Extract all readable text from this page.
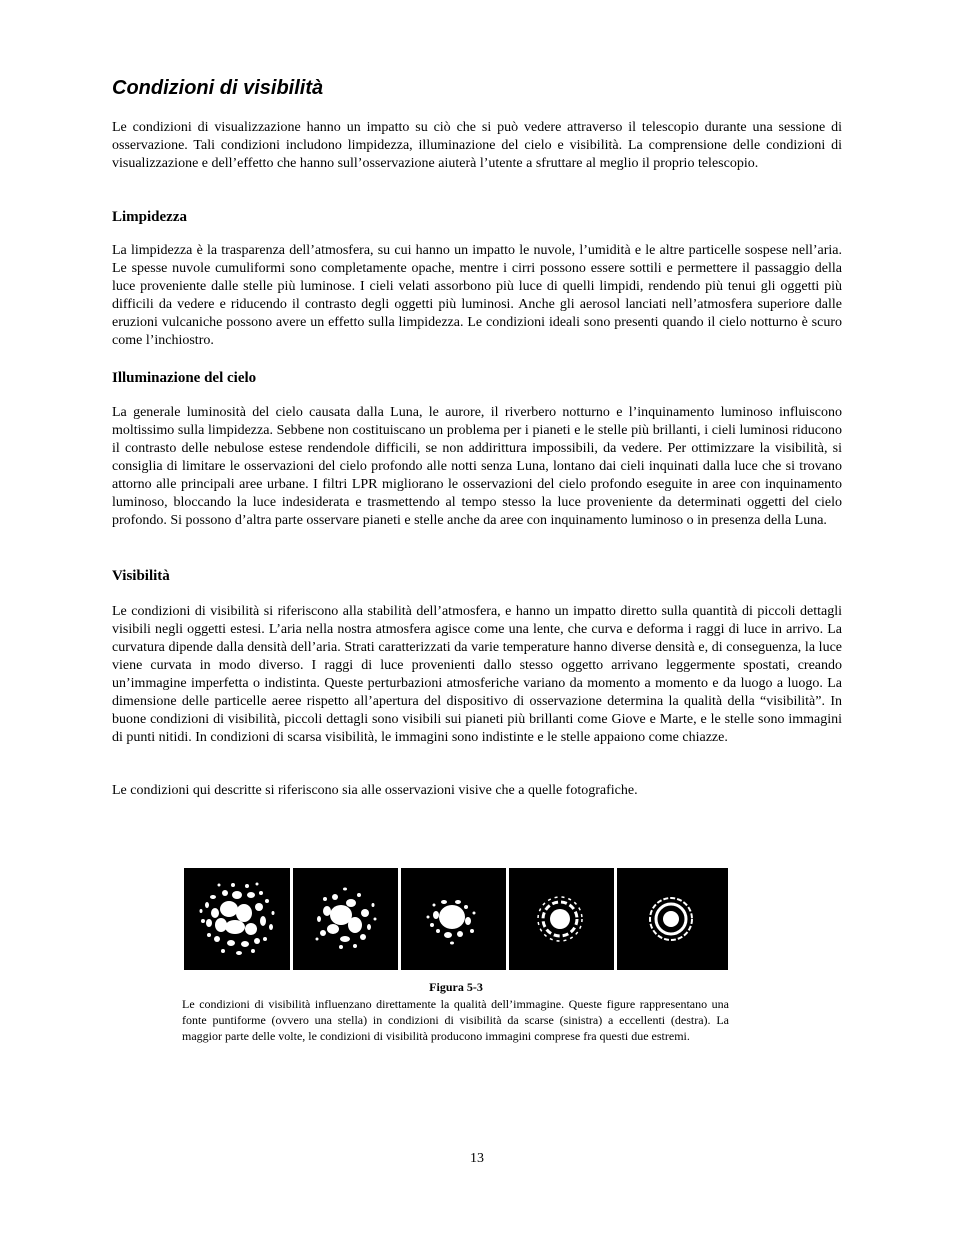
Condizioni di visibilità

Le condizioni di visualizzazione hanno un impatto su ciò che si può vedere attraverso il telescopio durante una sessione di osservazione. Tali condizioni includono limpidezza, illuminazione del cielo e visibilità. La comprensione delle condizioni di visualizzazione e dell’effetto che hanno sull’osservazione aiuterà l’utente a sfruttare al meglio il proprio telescopio.

Limpidezza

La limpidezza è la trasparenza dell’atmosfera, su cui hanno un impatto le nuvole, l’umidità e le altre particelle sospese nell’aria. Le spesse nuvole cumuliformi sono completamente opache, mentre i cirri possono essere sottili e permettere il passaggio della luce proveniente dalle stelle più luminose. I cieli velati assorbono più luce di quelli limpidi, rendendo più tenui gli oggetti più difficili da vedere e riducendo il contrasto degli oggetti più luminosi. Anche gli aerosol lanciati nell’atmosfera superiore dalle eruzioni vulcaniche possono avere un effetto sulla limpidezza. Le condizioni ideali sono presenti quando il cielo notturno è scuro come l’inchiostro.

Illuminazione del cielo

La generale luminosità del cielo causata dalla Luna, le aurore, il riverbero notturno e l’inquinamento luminoso influiscono moltissimo sulla limpidezza. Sebbene non costituiscano un problema per i pianeti e le stelle più brillanti, i cieli luminosi riducono il contrasto delle nebulose estese rendendole difficili, se non addirittura impossibili, da vedere. Per ottimizzare la visibilità, si consiglia di limitare le osservazioni del cielo profondo alle notti senza Luna, lontano dai cieli inquinati dalla luce che si trovano attorno alle principali aree urbane. I filtri LPR migliorano le osservazioni del cielo profondo eseguite in aree con inquinamento luminoso, bloccando la luce indesiderata e trasmettendo al tempo stesso la luce proveniente da determinati oggetti del cielo profondo. Si possono d’altra parte osservare pianeti e stelle anche da aree con inquinamento luminoso o in presenza della Luna.

Visibilità

Le condizioni di visibilità si riferiscono alla stabilità dell’atmosfera, e hanno un impatto diretto sulla quantità di piccoli dettagli visibili negli oggetti estesi. L’aria nella nostra atmosfera agisce come una lente, che curva e deforma i raggi di luce in arrivo. La curvatura dipende dalla densità dell’aria. Strati caratterizzati da varie temperature hanno diverse densità e, di conseguenza, la luce viene curvata in modo diverso. I raggi di luce provenienti dallo stesso oggetto arrivano leggermente spostati, creando un’immagine imperfetta o indistinta. Queste perturbazioni atmosferiche variano da momento a momento e da luogo a luogo. La dimensione delle particelle aeree rispetto all’apertura del dispositivo di osservazione determina la qualità della “visibilità”. In buone condizioni di visibilità, piccoli dettagli sono visibili sui pianeti più brillanti come Giove e Marte, e le stelle sono immagini di punti nitidi. In condizioni di scarsa visibilità, le immagini sono indistinte e le stelle appaiono come chiazze.

Le condizioni qui descritte si riferiscono sia alle osservazioni visive che a quelle fotografiche.

Figura 5-3

Le condizioni di visibilità influenzano direttamente la qualità dell’immagine. Queste figure rappresentano una fonte puntiforme (ovvero una stella) in condizioni di visibilità da scarse (sinistra) a eccellenti (destra). La maggior parte delle volte, le condizioni di visibilità producono immagini comprese fra questi due estremi.

13
